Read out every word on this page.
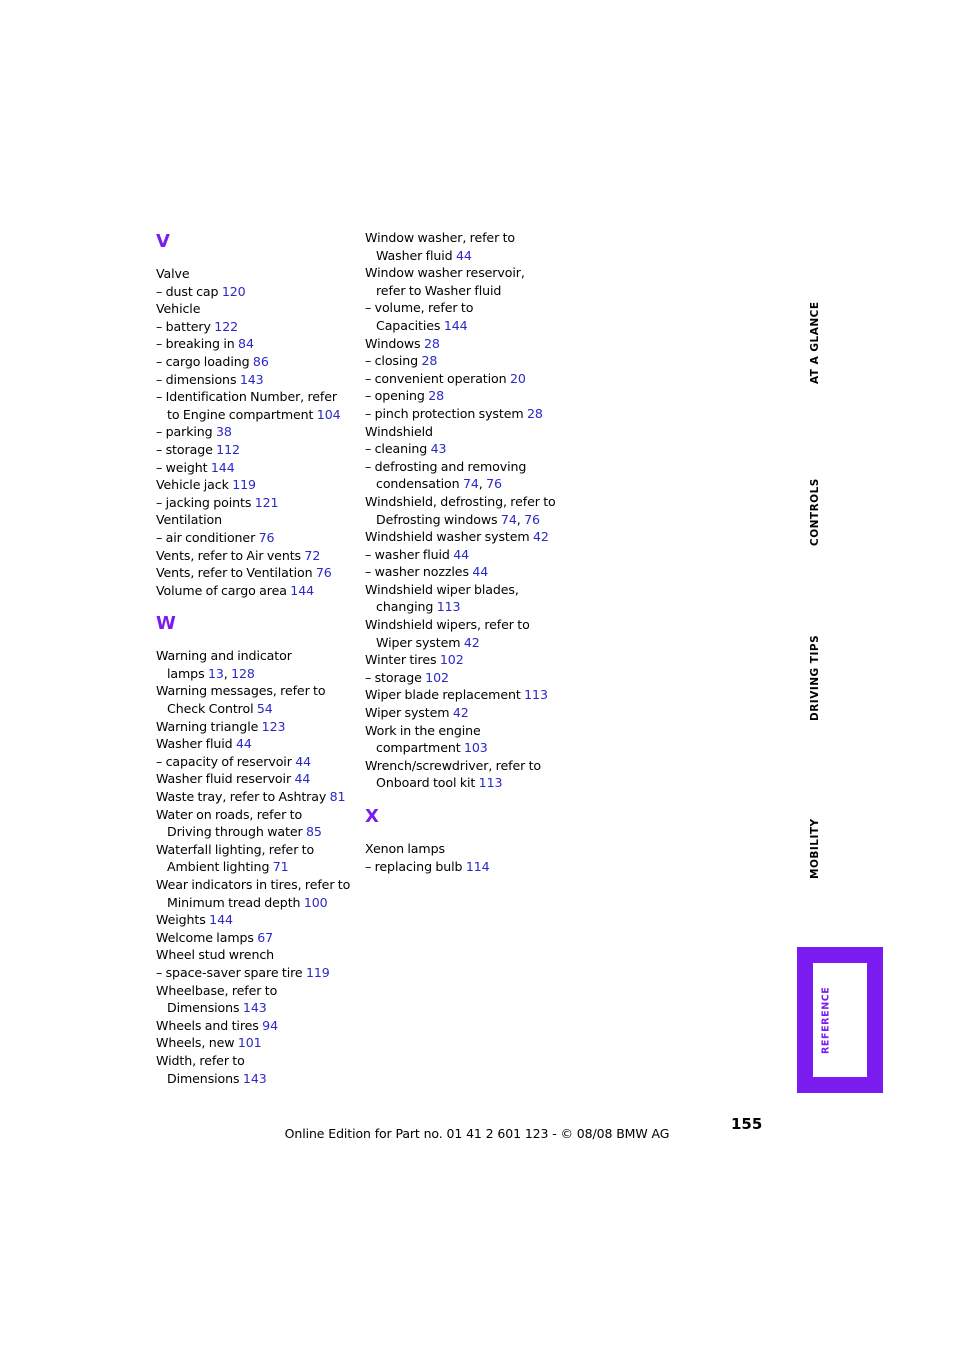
V
Valve
– dust cap 120
Vehicle
– battery 122
– breaking in 84
– cargo loading 86
– dimensions 143
– Identification Number, refer
to Engine compartment 104
– parking 38
– storage 112
– weight 144
Vehicle jack 119
– jacking points 121
Ventilation
– air conditioner 76
Vents, refer to Air vents 72
Vents, refer to Ventilation 76
Volume of cargo area 144
W
Warning and indicator
lamps 13, 128
Warning messages, refer to
Check Control 54
Warning triangle 123
Washer fluid 44
– capacity of reservoir 44
Washer fluid reservoir 44
Waste tray, refer to Ashtray 81
Water on roads, refer to
Driving through water 85
Waterfall lighting, refer to
Ambient lighting 71
Wear indicators in tires, refer to
Minimum tread depth 100
Weights 144
Welcome lamps 67
Wheel stud wrench
– space-saver spare tire 119
Wheelbase, refer to
Dimensions 143
Wheels and tires 94
Wheels, new 101
Width, refer to
Dimensions 143
Window washer, refer to
Washer fluid 44
Window washer reservoir,
refer to Washer fluid
– volume, refer to
Capacities 144
Windows 28
– closing 28
– convenient operation 20
– opening 28
– pinch protection system 28
Windshield
– cleaning 43
– defrosting and removing
condensation 74, 76
Windshield, defrosting, refer to
Defrosting windows 74, 76
Windshield washer system 42
– washer fluid 44
– washer nozzles 44
Windshield wiper blades,
changing 113
Windshield wipers, refer to
Wiper system 42
Winter tires 102
– storage 102
Wiper blade replacement 113
Wiper system 42
Work in the engine
compartment 103
Wrench/screwdriver, refer to
Onboard tool kit 113
X
Xenon lamps
– replacing bulb 114
AT A GLANCE
CONTROLS
DRIVING TIPS
MOBILITY
REFERENCE
155
Online Edition for Part no. 01 41 2 601 123 - © 08/08 BMW AG
